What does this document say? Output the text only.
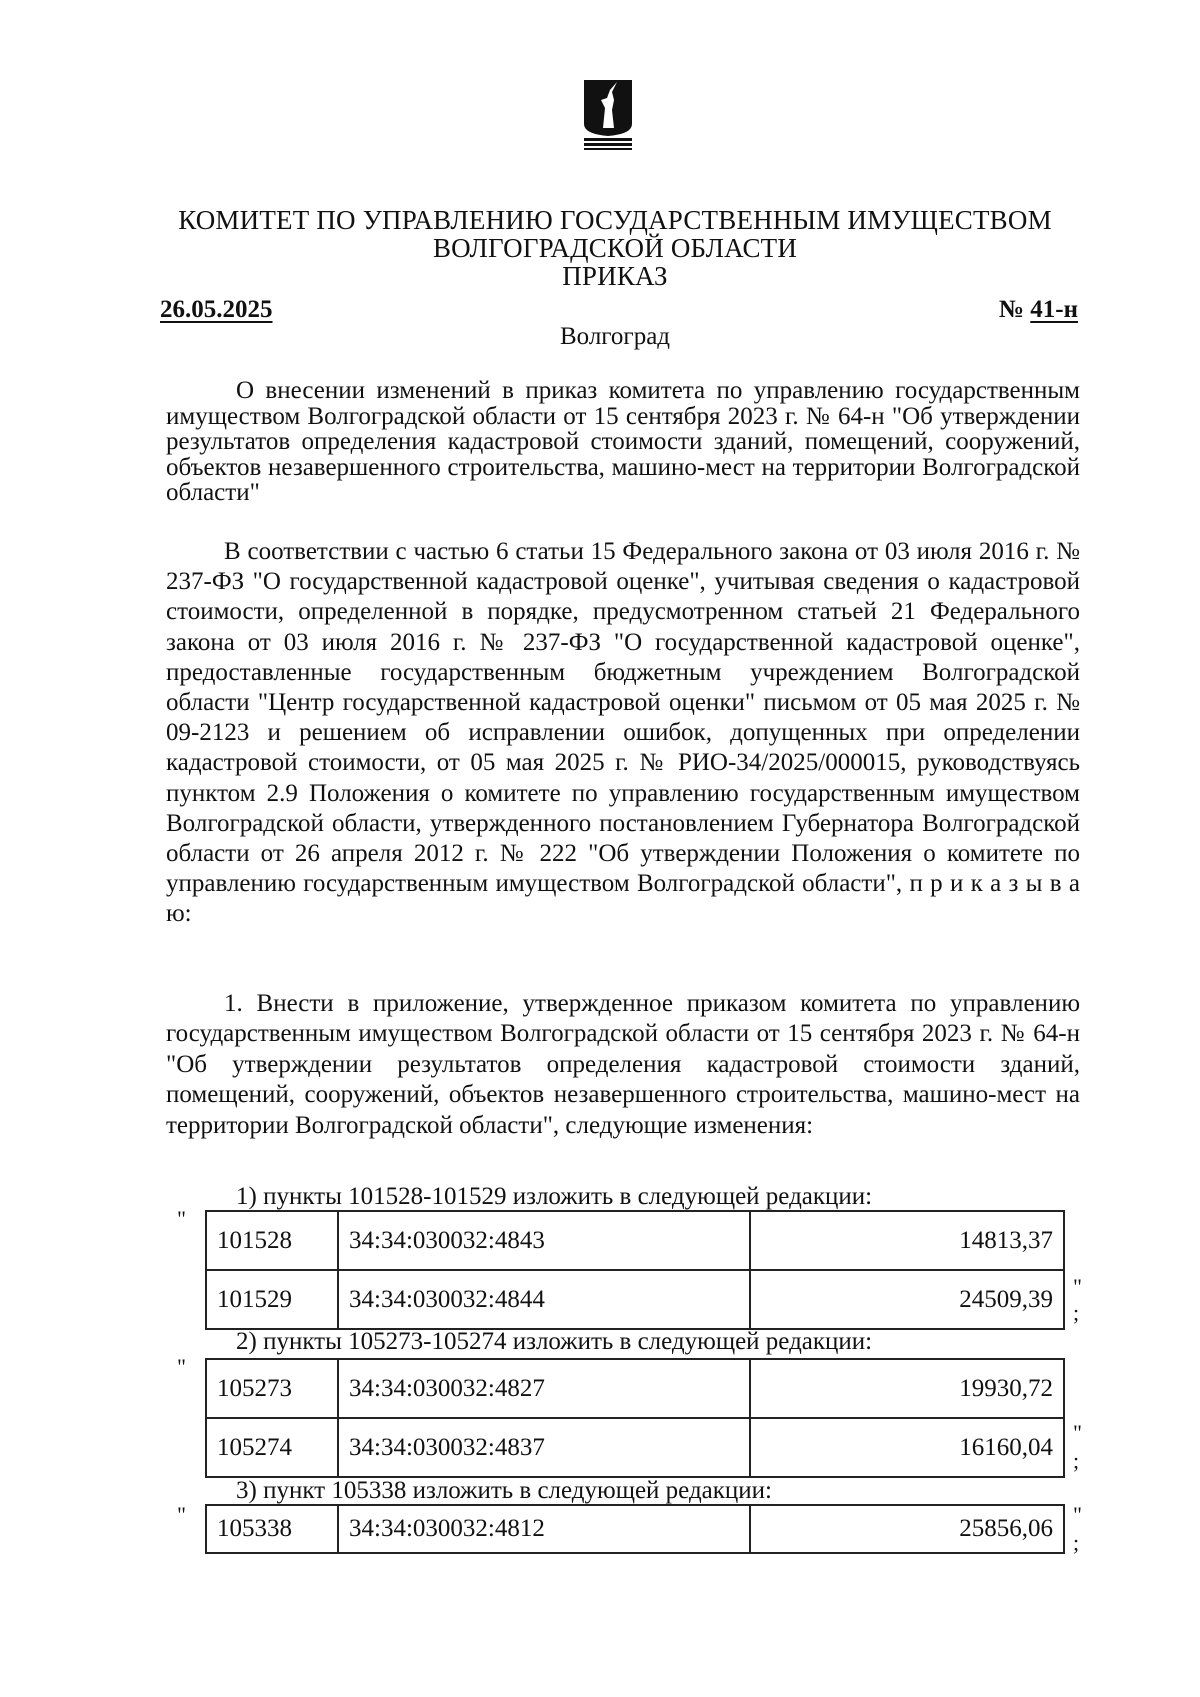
КОМИТЕТ ПО УПРАВЛЕНИЮ ГОСУДАРСТВЕННЫМ ИМУЩЕСТВОМ
ВОЛГОГРАДСКОЙ ОБЛАСТИ
ПРИКАЗ
26.05.2025	№ 41-н
Волгоград
О внесении изменений в приказ комитета по управлению государственным имуществом Волгоградской области от 15 сентября 2023 г. № 64-н "Об утверждении результатов определения кадастровой стоимости зданий, помещений, сооружений, объектов незавершенного строительства, машино-мест на территории Волгоградской области"
В соответствии с частью 6 статьи 15 Федерального закона от 03 июля 2016 г. № 237-ФЗ "О государственной кадастровой оценке", учитывая сведения о кадастровой стоимости, определенной в порядке, предусмотренном статьей 21 Федерального закона от 03 июля 2016 г. № 237-ФЗ "О государственной кадастровой оценке", предоставленные государственным бюджетным учреждением Волгоградской области "Центр государственной кадастровой оценки" письмом от 05 мая 2025 г. № 09-2123 и решением об исправлении ошибок, допущенных при определении кадастровой стоимости, от 05 мая 2025 г. № РИО-34/2025/000015, руководствуясь пунктом 2.9 Положения о комитете по управлению государственным имуществом Волгоградской области, утвержденного постановлением Губернатора Волгоградской области от 26 апреля 2012 г. № 222 "Об утверждении Положения о комитете по управлению государственным имуществом Волгоградской области", п р и к а з ы в а ю:
1. Внести в приложение, утвержденное приказом комитета по управлению государственным имуществом Волгоградской области от 15 сентября 2023 г. № 64-н "Об утверждении результатов определения кадастровой стоимости зданий, помещений, сооружений, объектов незавершенного строительства, машино-мест на территории Волгоградской области", следующие изменения:
1) пункты 101528-101529 изложить в следующей редакции:
"
101528	34:34:030032:4843	14813,37
101529	34:34:030032:4844	24509,39 "
;
2) пункты 105273-105274 изложить в следующей редакции:
"
105273	34:34:030032:4827	19930,72
105274	34:34:030032:4837	16160,04
"
;
3) пункт 105338 изложить в следующей редакции:
"
105338	34:34:030032:4812	25856,06
"
;
